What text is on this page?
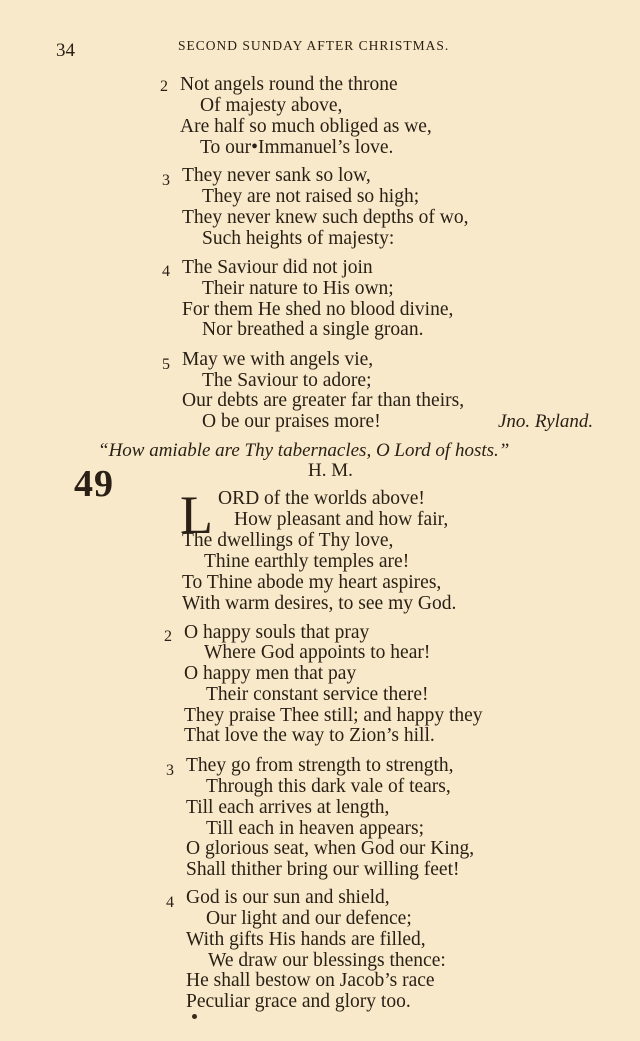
34	SECOND SUNDAY AFTER CHRISTMAS.
2 Not angels round the throne
Of majesty above,
Are half so much obliged as we,
To our•Immanuel’s love.
3 They never sank so low,
They are not raised so high;
They never knew such depths of wo,
Such heights of majesty:
4 The Saviour did not join
Their nature to His own;
For them He shed no blood divine,
Nor breathed a single groan.
5 May we with angels vie,
The Saviour to adore;
Our debts are greater far than theirs,
O be our praises more!	Jno. Ryland.
“How amiable are Thy tabernacles, O Lord of hosts.”
49	H. M.
L ORD of the worlds above!
How pleasant and how fair,
The dwellings of Thy love,
Thine earthly temples are!
To Thine abode my heart aspires,
With warm desires, to see my God.
2 O happy souls that pray
Where God appoints to hear!
O happy men that pay
Their constant service there!
They praise Thee still; and happy they
That love the way to Zion’s hill.
3 They go from strength to strength,
Through this dark vale of tears,
Till each arrives at length,
Till each in heaven appears;
O glorious seat, when God our King,
Shall thither bring our willing feet!
4 God is our sun and shield,
Our light and our defence;
With gifts His hands are filled,
We draw our blessings thence:
He shall bestow on Jacob’s race
Peculiar grace and glory too.
